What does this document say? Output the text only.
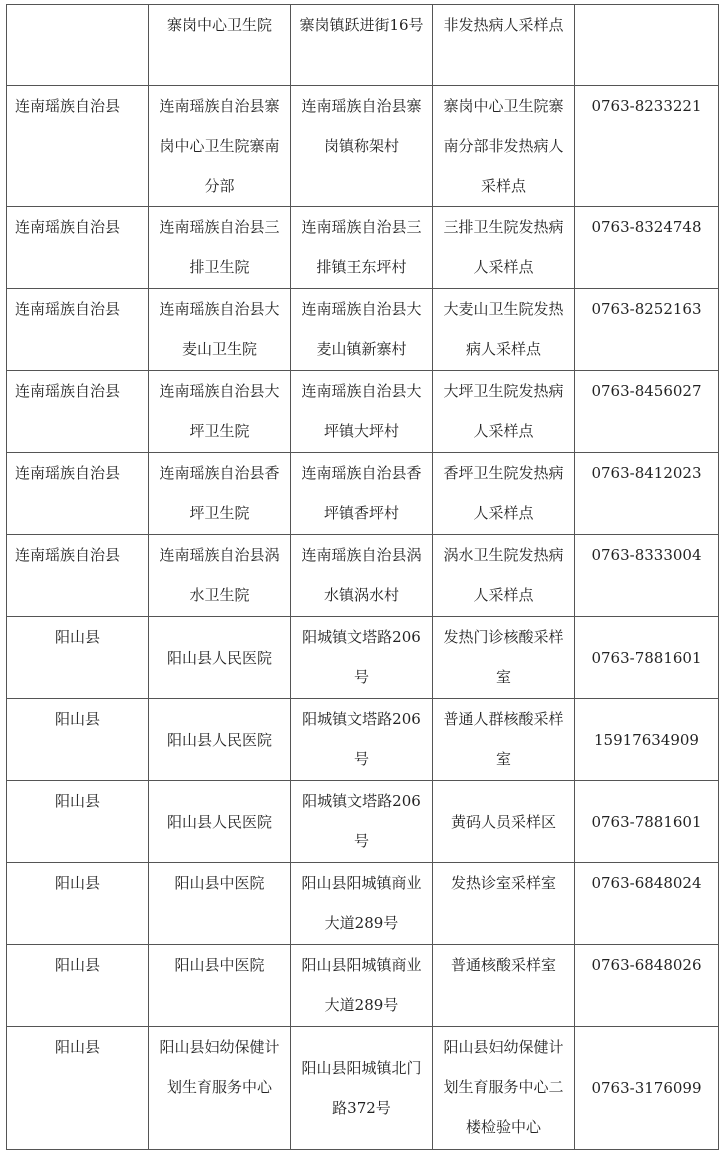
	寨岗中心卫生院	寨岗镇跃进街16号	非发热病人采样点	
连南瑶族自治县	连南瑶族自治县寨岗中心卫生院寨南分部	连南瑶族自治县寨岗镇称架村	寨岗中心卫生院寨南分部非发热病人采样点	0763-8233221
连南瑶族自治县	连南瑶族自治县三排卫生院	连南瑶族自治县三排镇王东坪村	三排卫生院发热病人采样点	0763-8324748
连南瑶族自治县	连南瑶族自治县大麦山卫生院	连南瑶族自治县大麦山镇新寨村	大麦山卫生院发热病人采样点	0763-8252163
连南瑶族自治县	连南瑶族自治县大坪卫生院	连南瑶族自治县大坪镇大坪村	大坪卫生院发热病人采样点	0763-8456027
连南瑶族自治县	连南瑶族自治县香坪卫生院	连南瑶族自治县香坪镇香坪村	香坪卫生院发热病人采样点	0763-8412023
连南瑶族自治县	连南瑶族自治县涡水卫生院	连南瑶族自治县涡水镇涡水村	涡水卫生院发热病人采样点	0763-8333004
阳山县	阳山县人民医院	阳城镇文塔路206号	发热门诊核酸采样室	0763-7881601
阳山县	阳山县人民医院	阳城镇文塔路206号	普通人群核酸采样室	15917634909
阳山县	阳山县人民医院	阳城镇文塔路206号	黄码人员采样区	0763-7881601
阳山县	阳山县中医院	阳山县阳城镇商业大道289号	发热诊室采样室	0763-6848024
阳山县	阳山县中医院	阳山县阳城镇商业大道289号	普通核酸采样室	0763-6848026
阳山县	阳山县妇幼保健计划生育服务中心	阳山县阳城镇北门路372号	阳山县妇幼保健计划生育服务中心二楼检验中心	0763-3176099
